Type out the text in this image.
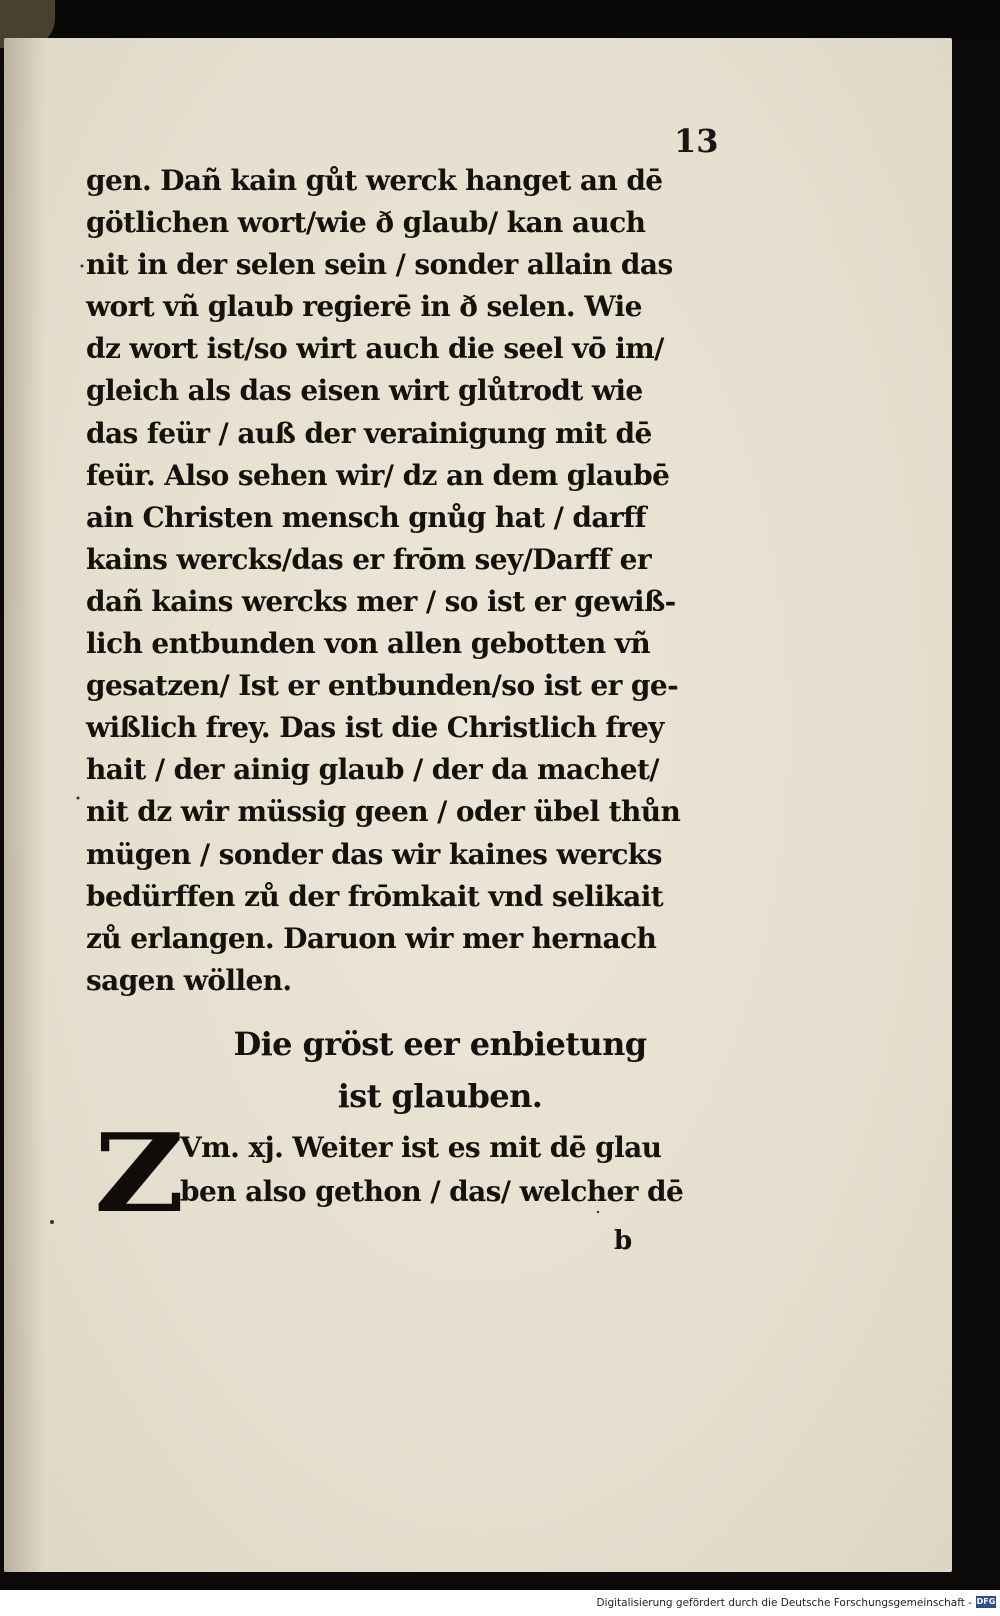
13
gen. Dañ kain gůt werck hanget an dē
götlichen wort/wie ð glaub/ kan auch
nit in der selen sein / sonder allain das
wort vñ glaub regierē in ð selen. Wie
dz wort ist/so wirt auch die seel vō im/
gleich als das eisen wirt glůtrodt wie
das feür / auß der verainigung mit dē
feür. Also sehen wir/ dz an dem glaubē
ain Christen mensch gnůg hat / darff
kains wercks/das er frōm sey/Darff er
dañ kains wercks mer / so ist er gewiß-
lich entbunden von allen gebotten vñ
gesatzen/ Ist er entbunden/so ist er ge-
wißlich frey. Das ist die Christlich frey
hait / der ainig glaub / der da machet/
nit dz wir müssig geen / oder übel thůn
mügen / sonder das wir kaines wercks
bedürffen zů der frōmkait vnd selikait
zů erlangen. Daruon wir mer hernach
sagen wöllen.
Die gröst eer enbietung
ist glauben.
Z
Vm. xj. Weiter ist es mit dē glau
ben also gethon / das/ welcher dē
b
Digitalisierung gefördert durch die Deutsche Forschungsgemeinschaft - DFG
